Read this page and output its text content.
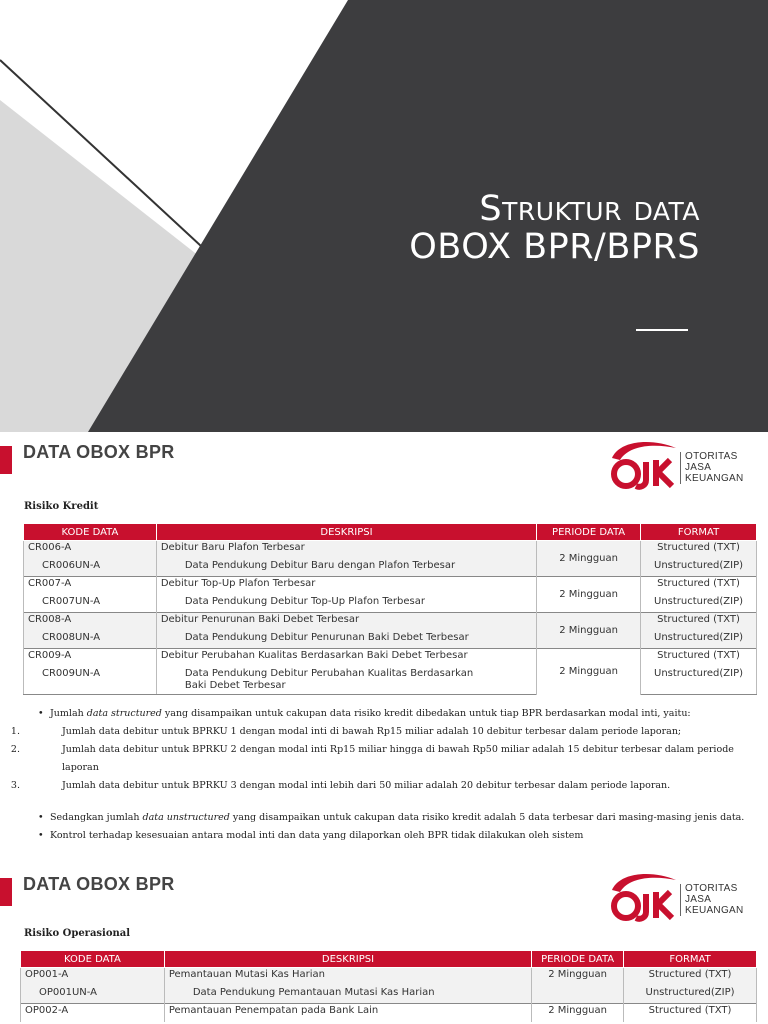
Struktur data
OBOX BPR/BPRS
DATA OBOX BPR	OTORITAS
JASA
KEUANGAN
Risiko Kredit
KODE DATA	DESKRIPSI	PERIODE DATA	FORMAT
CR006-A	Debitur Baru Plafon Terbesar	2 Mingguan	Structured (TXT)
CR006UN-A	Data Pendukung Debitur Baru dengan Plafon Terbesar		Unstructured(ZIP)
CR007-A	Debitur Top-Up Plafon Terbesar	2 Mingguan	Structured (TXT)
CR007UN-A	Data Pendukung Debitur Top-Up Plafon Terbesar		Unstructured(ZIP)
CR008-A	Debitur Penurunan Baki Debet Terbesar	2 Mingguan	Structured (TXT)
CR008UN-A	Data Pendukung Debitur Penurunan Baki Debet Terbesar		Unstructured(ZIP)
CR009-A	Debitur Perubahan Kualitas Berdasarkan Baki Debet Terbesar	2 Mingguan	Structured (TXT)
CR009UN-A	Data Pendukung Debitur Perubahan Kualitas Berdasarkan Baki Debet Terbesar		Unstructured(ZIP)
• Jumlah data structured yang disampaikan untuk cakupan data risiko kredit dibedakan untuk tiap BPR berdasarkan modal inti, yaitu:
1.	Jumlah data debitur untuk BPRKU 1 dengan modal inti di bawah Rp15 miliar adalah 10 debitur terbesar dalam periode laporan;
2.	Jumlah data debitur untuk BPRKU 2 dengan modal inti Rp15 miliar hingga di bawah Rp50 miliar adalah 15 debitur terbesar dalam periode laporan
3.	Jumlah data debitur untuk BPRKU 3 dengan modal inti lebih dari 50 miliar adalah 20 debitur terbesar dalam periode laporan.
• Sedangkan jumlah data unstructured yang disampaikan untuk cakupan data risiko kredit adalah 5 data terbesar dari masing-masing jenis data.
• Kontrol terhadap kesesuaian antara modal inti dan data yang dilaporkan oleh BPR tidak dilakukan oleh sistem
DATA OBOX BPR	OTORITAS
JASA
KEUANGAN
Risiko Operasional
KODE DATA	DESKRIPSI	PERIODE DATA	FORMAT
OP001-A	Pemantauan Mutasi Kas Harian	2 Mingguan	Structured (TXT)
OP001UN-A	Data Pendukung Pemantauan Mutasi Kas Harian		Unstructured(ZIP)
OP002-A	Pemantauan Penempatan pada Bank Lain	2 Mingguan	Structured (TXT)
